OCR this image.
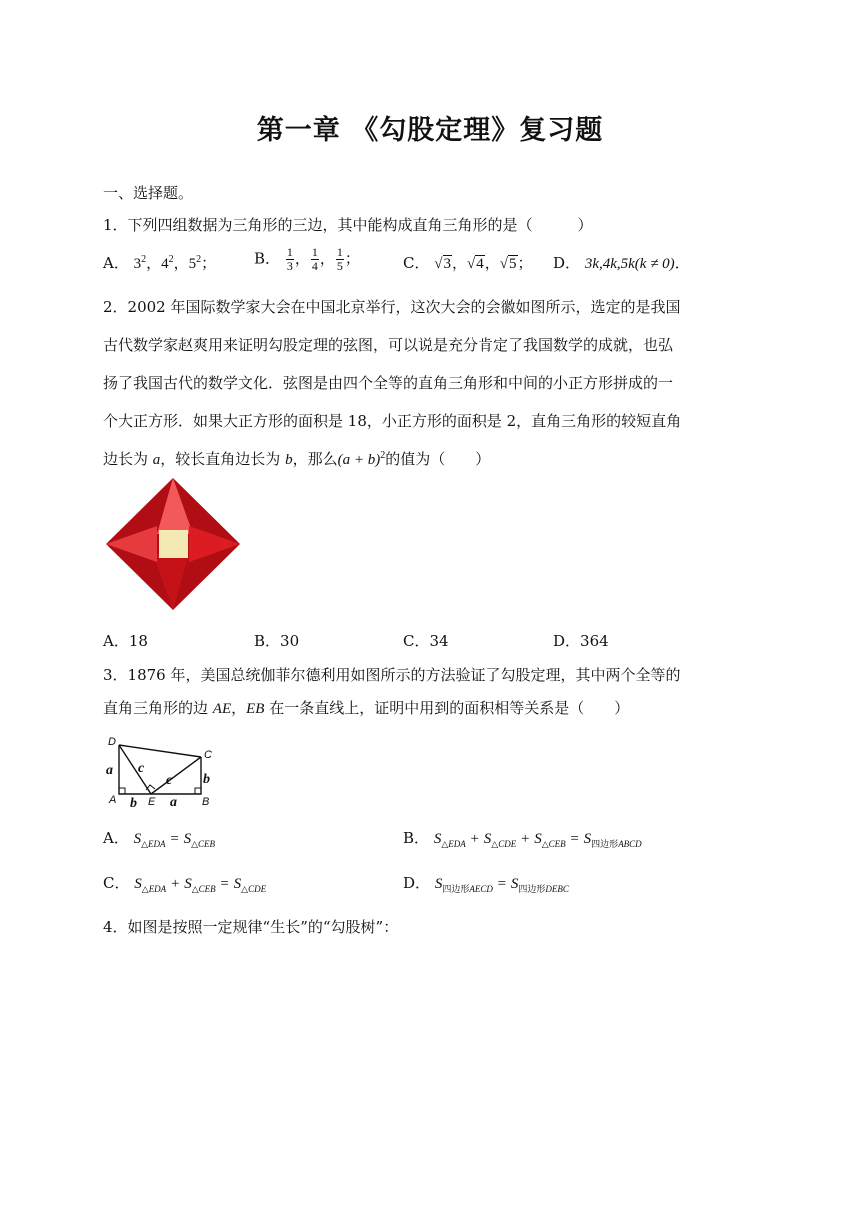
第一章 《勾股定理》复习题
一、选择题。
1．下列四组数据为三角形的三边，其中能构成直角三角形的是（　　　）
A． $3^2$，$4^2$，$5^2$；	B． $\frac{1}{3}$ ， $\frac{1}{4}$ ， $\frac{1}{5}$ ；	C． √3，√4，√5； D． 3k,4k,5k(k ≠ 0)．
2．2002 年国际数学家大会在中国北京举行，这次大会的会徽如图所示，选定的是我国
古代数学家赵爽用来证明勾股定理的弦图，可以说是充分肯定了我国数学的成就，也弘
扬了我国古代的数学文化．弦图是由四个全等的直角三角形和中间的小正方形拼成的一
个大正方形．如果大正方形的面积是 18，小正方形的面积是 2，直角三角形的较短直角
边长为 a，较长直角边长为 b，那么$(a + b)^2$的值为（　　）
A．18	B．30	C．34	D．364
3．1876 年，美国总统伽菲尔德利用如图所示的方法验证了勾股定理，其中两个全等的
直角三角形的边 AE，EB 在一条直线上，证明中用到的面积相等关系是（　　）
D
C
A	E	B
a
b
c
c b
a
A． $S_{\triangle EDA} = S_{\triangle CEB}$	B． $S_{\triangle EDA} + S_{\triangle CDE} + S_{\triangle CEB} = S_{四边形ABCD}$
C． $S_{\triangle EDA} + S_{\triangle CEB} = S_{\triangle CDE}$	D． $S_{四边形AECD} = S_{四边形DEBC}$
4．如图是按照一定规律“生长”的“勾股树”：
